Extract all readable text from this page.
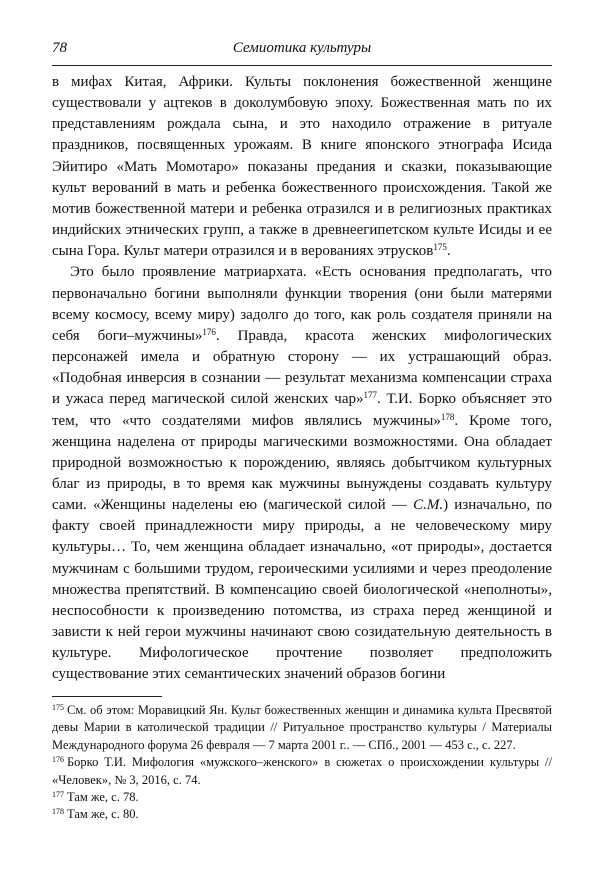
78	Семиотика культуры

в мифах Китая, Африки. Культы поклонения божественной женщине существовали у ацтеков в доколумбовую эпоху. Божественная мать по их представлениям рождала сына, и это находило отражение в ритуале праздников, посвященных урожаям. В книге японского этнографа Исида Эйитиро «Мать Момотаро» показаны предания и сказки, показывающие культ верований в мать и ребенка божественного происхождения. Такой же мотив божественной матери и ребенка отразился и в религиозных практиках индийских этнических групп, а также в древнеегипетском культе Исиды и ее сына Гора. Культ матери отразился и в верованиях этрусков$^{175}$.

Это было проявление матриархата. «Есть основания предполагать, что первоначально богини выполняли функции творения (они были матерями всему космосу, всему миру) задолго до того, как роль создателя приняли на себя боги–мужчины»$^{176}$. Правда, красота женских мифологических персонажей имела и обратную сторону — их устрашающий образ. «Подобная инверсия в сознании — результат механизма компенсации страха и ужаса перед магической силой женских чар»$^{177}$. Т.И. Борко объясняет это тем, что «что создателями мифов являлись мужчины»$^{178}$. Кроме того, женщина наделена от природы магическими возможностями. Она обладает природной возможностью к порождению, являясь добытчиком культурных благ из природы, в то время как мужчины вынуждены создавать культуру сами. «Женщины наделены ею (магической силой — С.М.) изначально, по факту своей принадлежности миру природы, а не человеческому миру культуры… То, чем женщина обладает изначально, «от природы», достается мужчинам с большими трудом, героическими усилиями и через преодоление множества препятствий. В компенсацию своей биологической «неполноты», неспособности к произведению потомства, из страха перед женщиной и зависти к ней герои мужчины начинают свою созидательную деятельность в культуре. Мифологическое прочтение позволяет предположить существование этих семантических значений образов богини

$^{175}$ См. об этом: Моравицкий Ян. Культ божественных женщин и динамика культа Пресвятой девы Марии в католической традиции // Ритуальное пространство культуры / Материалы Международного форума 26 февраля — 7 марта 2001 г.. — СПб., 2001 — 453 с., с. 227.

$^{176}$ Борко Т.И. Мифология «мужского–женского» в сюжетах о происхождении культуры // «Человек», № 3, 2016, с. 74.

$^{177}$ Там же, с. 78.

$^{178}$ Там же, с. 80.
